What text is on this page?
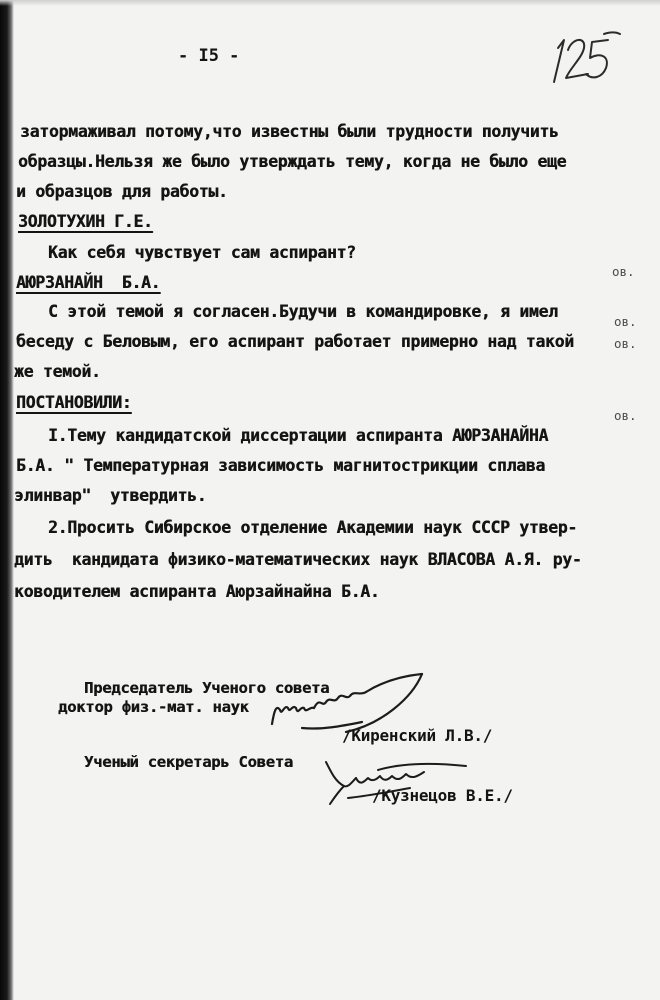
- I5 -
затормаживал потому,что известны были трудности получить
образцы.Нельзя же было утверждать тему, когда не было еще
и образцов для работы.
ЗОЛОТУХИН Г.Е.
Как себя чувствует сам аспирант?
АЮРЗАНАЙН  Б.А.
С этой темой я согласен.Будучи в командировке, я имел
беседу с Беловым, его аспирант работает примерно над такой
же темой.
ПОСТАНОВИЛИ:
I.Тему кандидатской диссертации аспиранта АЮРЗАНАЙНА
Б.А. " Температурная зависимость магнитострикции сплава
элинвар"  утвердить.
2.Просить Сибирское отделение Академии наук СССР утвер-
дить  кандидата физико-математических наук ВЛАСОВА А.Я. ру-
ководителем аспиранта Аюрзайнайна Б.А.
ов.
ов.
ов.
ов.
Председатель Ученого совета
доктор физ.-мат. наук
/Киренский Л.В./
Ученый секретарь Совета
/Кузнецов В.Е./
